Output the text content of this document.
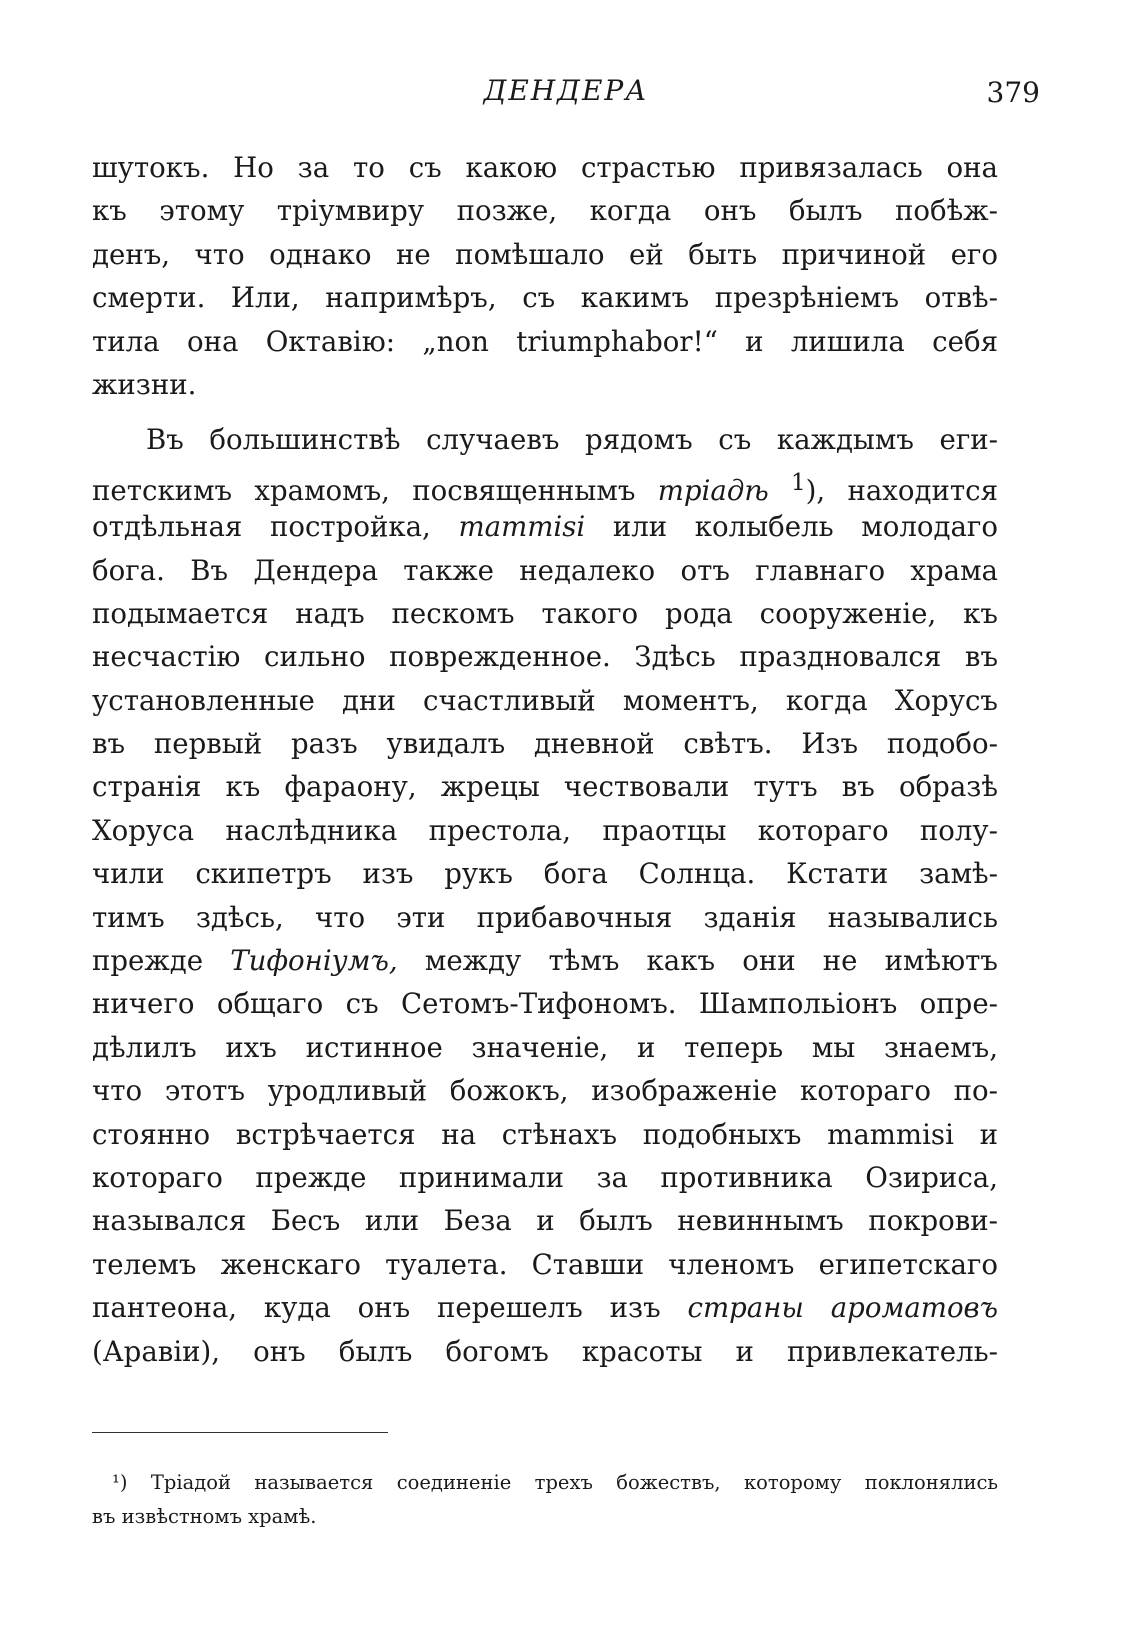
ДЕНДЕРА	379
шутокъ. Но за то съ какою страстью привязалась она
къ этому тріумвиру позже, когда онъ былъ побѣж-
денъ, что однако не помѣшало ей быть причиной его
смерти. Или, напримѣръ, съ какимъ презрѣніемъ отвѣ-
тила она Октавію: „non triumphabor!“ и лишила себя
жизни.
Въ большинствѣ случаевъ рядомъ съ каждымъ еги-
петскимъ храмомъ, посвященнымъ тріадѣ $^1$), находится
отдѣльная постройка, mammisi или колыбель молодаго
бога. Въ Дендера также недалеко отъ главнаго храма
подымается надъ пескомъ такого рода сооруженіе, къ
несчастію сильно поврежденное. Здѣсь праздновался въ
установленные дни счастливый моментъ, когда Хорусъ
въ первый разъ увидалъ дневной свѣтъ. Изъ подобо-
странія къ фараону, жрецы чествовали тутъ въ образѣ
Хоруса наслѣдника престола, праотцы котораго полу-
чили скипетръ изъ рукъ бога Солнца. Кстати замѣ-
тимъ здѣсь, что эти прибавочныя зданія назывались
прежде Тифоніумъ, между тѣмъ какъ они не имѣютъ
ничего общаго съ Сетомъ-Тифономъ. Шампольіонъ опре-
дѣлилъ ихъ истинное значеніе, и теперь мы знаемъ,
что этотъ уродливый божокъ, изображеніе котораго по-
стоянно встрѣчается на стѣнахъ подобныхъ mammisi и
котораго прежде принимали за противника Озириса,
назывался Бесъ или Беза и былъ невиннымъ покрови-
телемъ женскаго туалета. Ставши членомъ египетскаго
пантеона, куда онъ перешелъ изъ страны ароматовъ
(Аравіи), онъ былъ богомъ красоты и привлекатель-
¹) Тріадой называется соединеніе трехъ божествъ, которому поклонялись
въ извѣстномъ храмѣ.
